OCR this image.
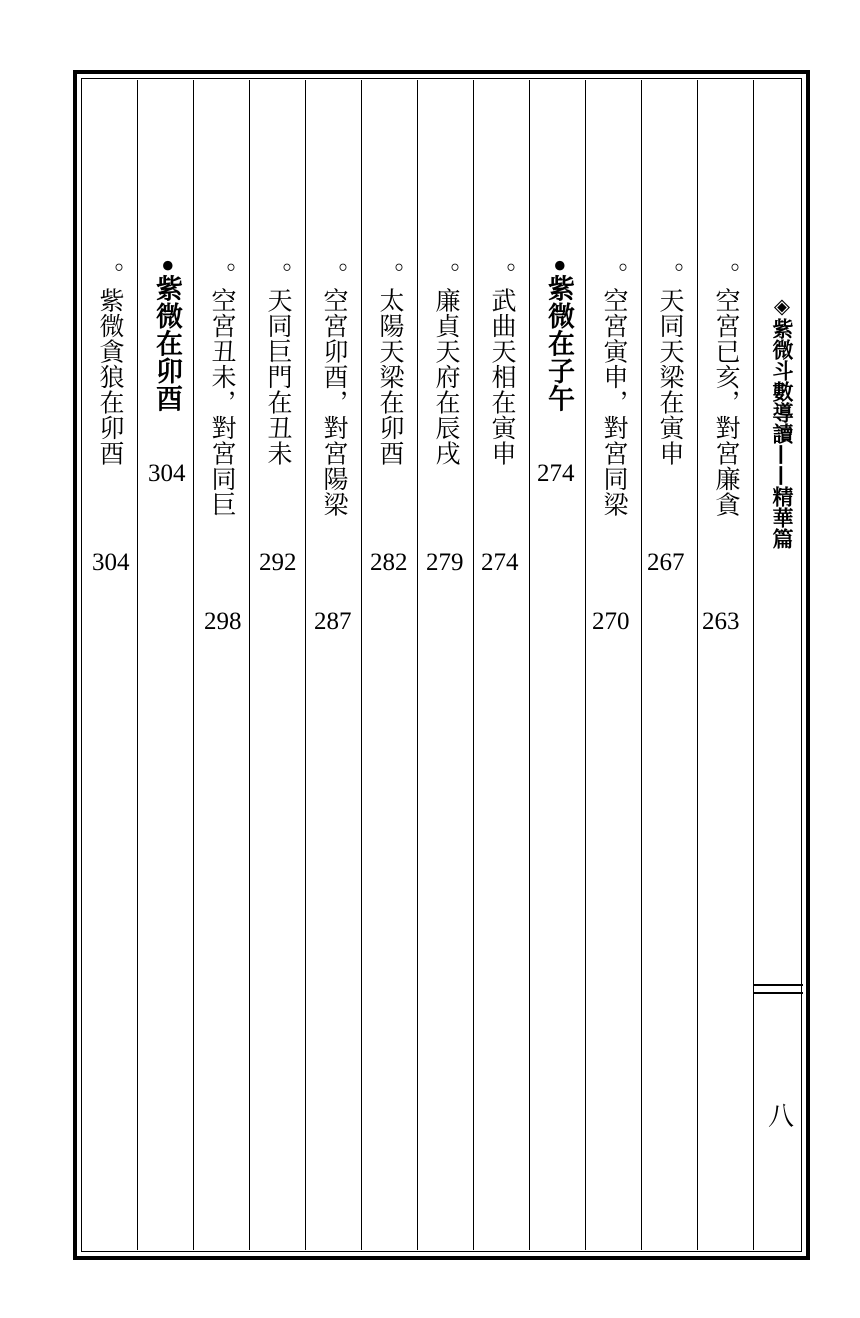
◈紫微斗數導讀——精華篇
八
。空宮已亥，對宮廉貪
263
。天同天梁在寅申
267
。空宮寅申，對宮同梁
270
•紫微在子午
274
。武曲天相在寅申
274
。廉貞天府在辰戌
279
。太陽天梁在卯酉
282
。空宮卯酉，對宮陽梁
287
。天同巨門在丑未
292
。空宮丑未，對宮同巨
298
•紫微在卯酉
304
。紫微貪狼在卯酉
304
